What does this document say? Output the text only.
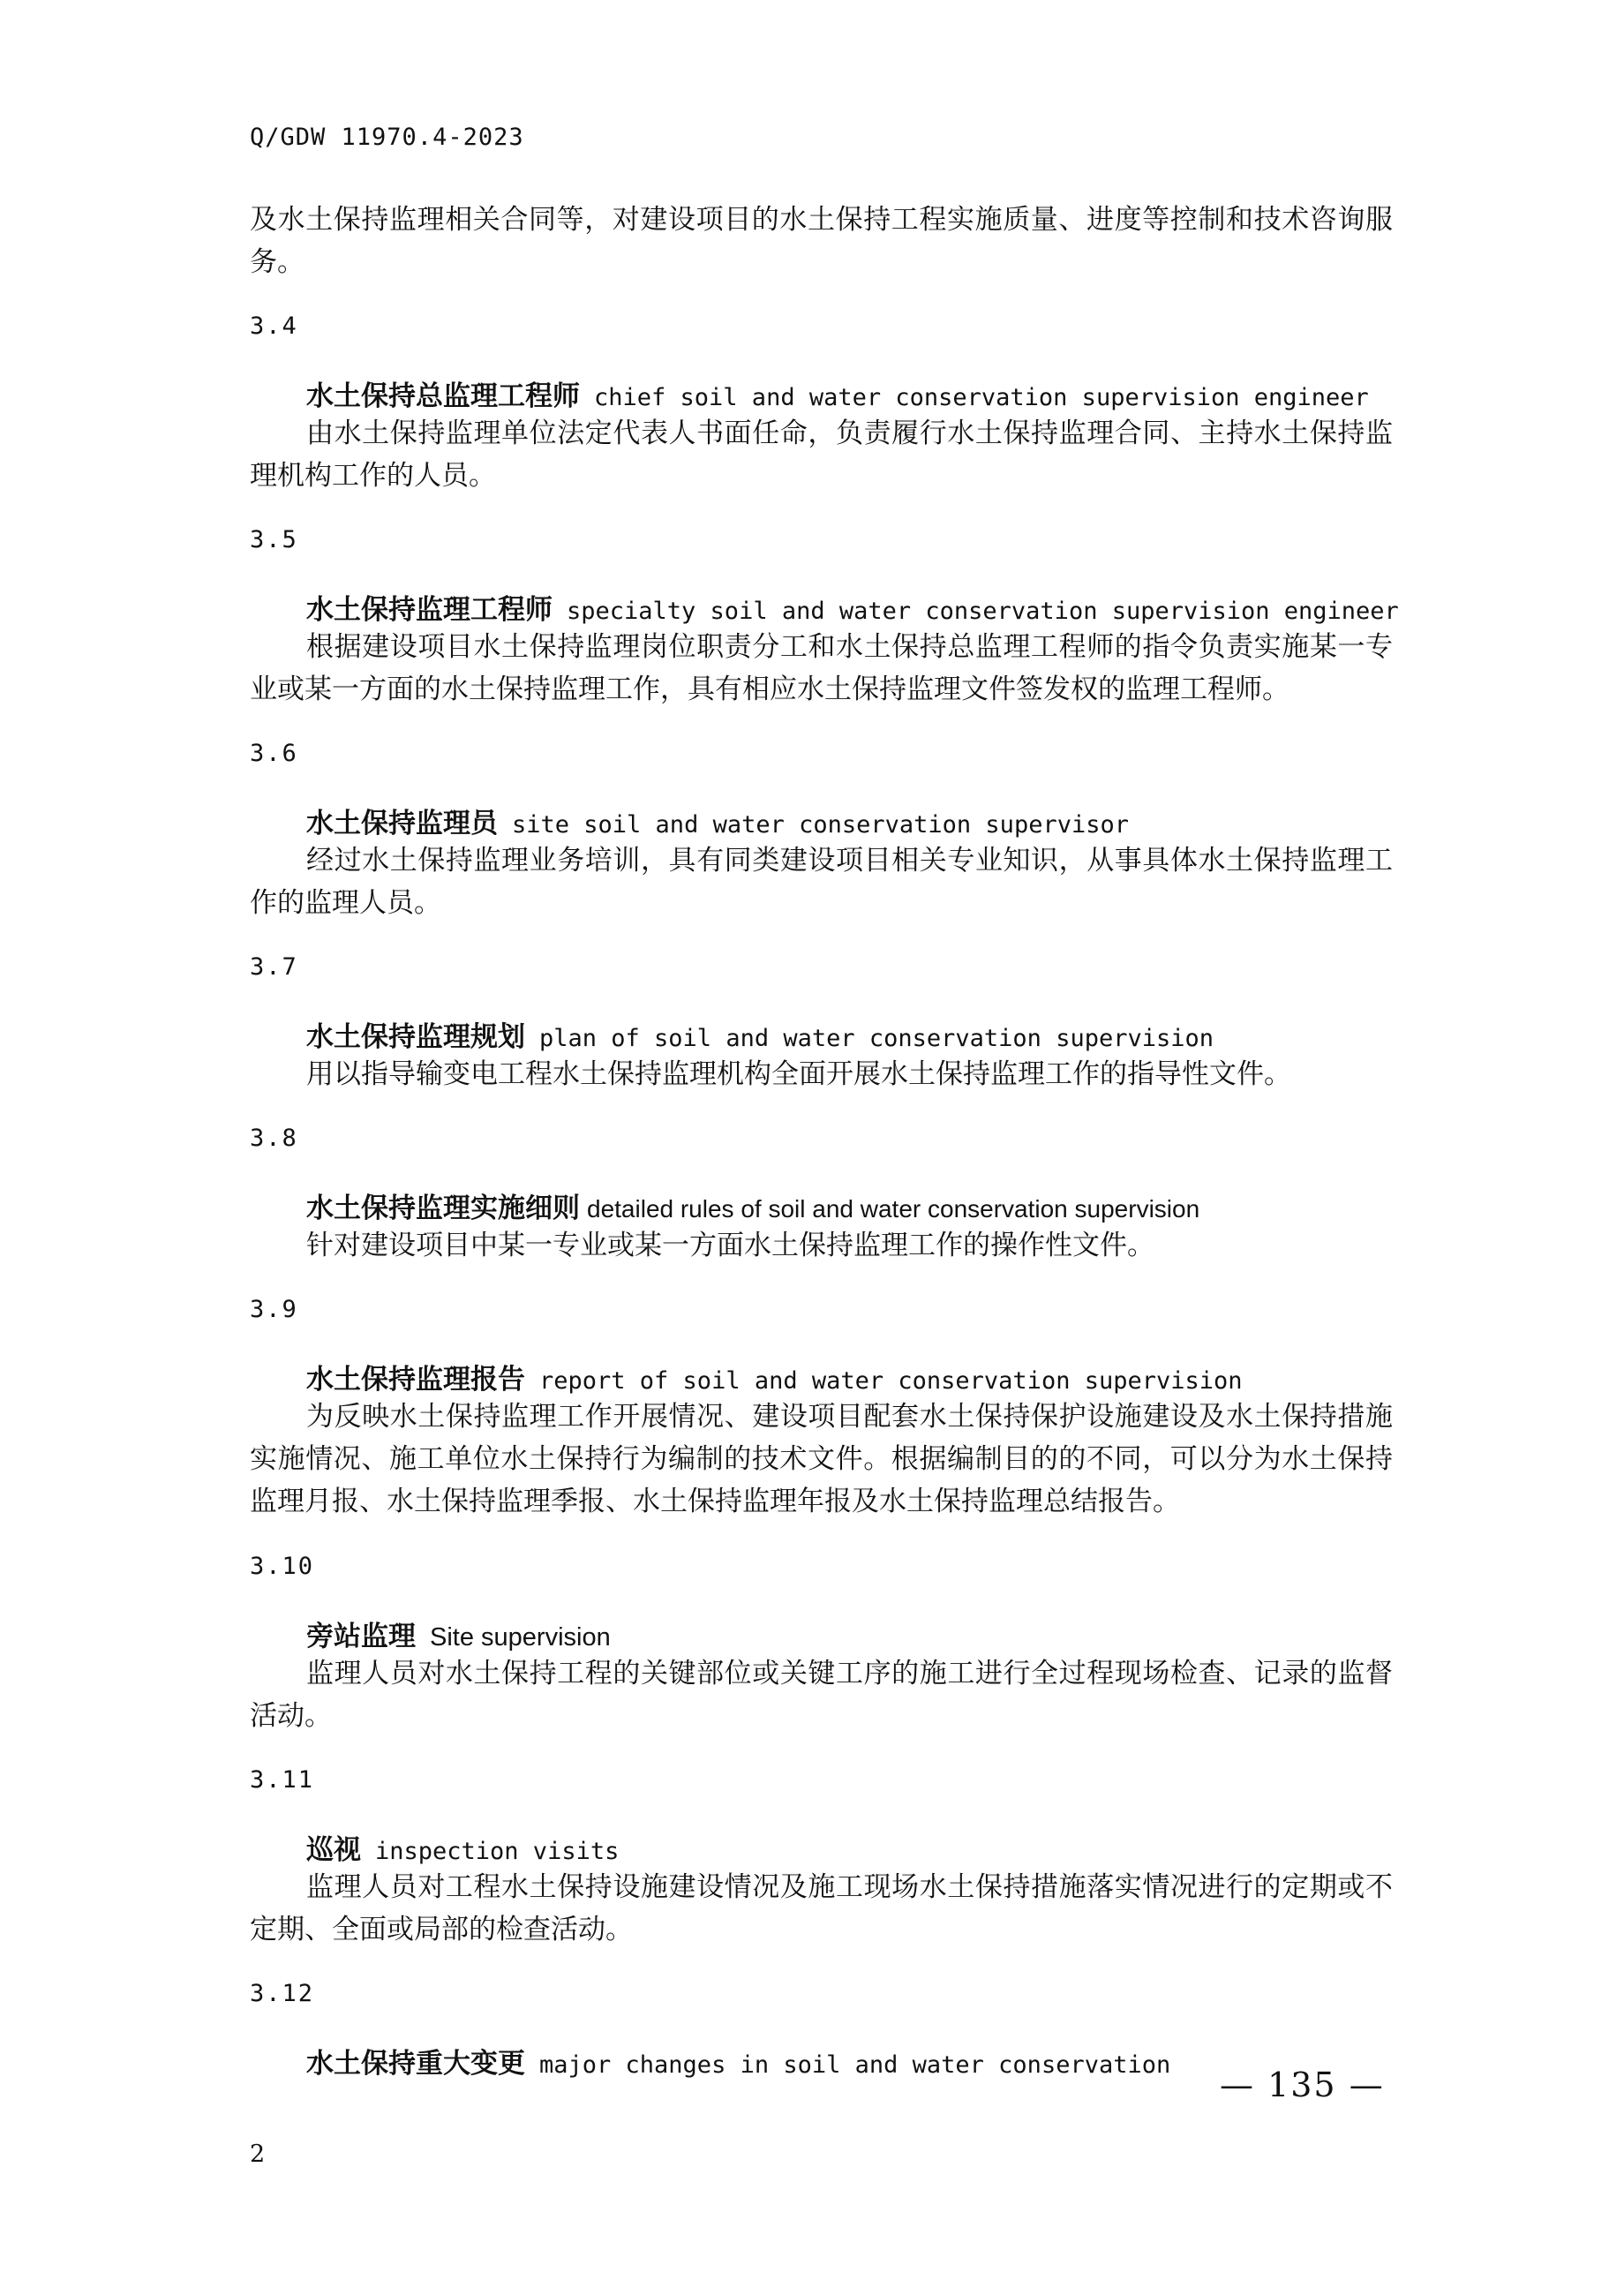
Q/GDW 11970.4-2023

及水土保持监理相关合同等，对建设项目的水土保持工程实施质量、进度等控制和技术咨询服务。

3.4
水土保持总监理工程师 chief soil and water conservation supervision engineer

由水土保持监理单位法定代表人书面任命，负责履行水土保持监理合同、主持水土保持监理机构工作的人员。

3.5
水土保持监理工程师 specialty soil and water conservation supervision engineer

根据建设项目水土保持监理岗位职责分工和水土保持总监理工程师的指令负责实施某一专业或某一方面的水土保持监理工作，具有相应水土保持监理文件签发权的监理工程师。

3.6
水土保持监理员 site soil and water conservation supervisor

经过水土保持监理业务培训，具有同类建设项目相关专业知识，从事具体水土保持监理工作的监理人员。

3.7
水土保持监理规划 plan of soil and water conservation supervision

用以指导输变电工程水土保持监理机构全面开展水土保持监理工作的指导性文件。

3.8
水土保持监理实施细则 detailed rules of soil and water conservation supervision

针对建设项目中某一专业或某一方面水土保持监理工作的操作性文件。

3.9
水土保持监理报告 report of soil and water conservation supervision

为反映水土保持监理工作开展情况、建设项目配套水土保持保护设施建设及水土保持措施实施情况、施工单位水土保持行为编制的技术文件。根据编制目的的不同，可以分为水土保持监理月报、水土保持监理季报、水土保持监理年报及水土保持监理总结报告。

3.10
旁站监理 Site supervision

监理人员对水土保持工程的关键部位或关键工序的施工进行全过程现场检查、记录的监督活动。

3.11
巡视 inspection visits

监理人员对工程水土保持设施建设情况及施工现场水土保持措施落实情况进行的定期或不定期、全面或局部的检查活动。

3.12
水土保持重大变更 major changes in soil and water conservation
— 135 —
2
